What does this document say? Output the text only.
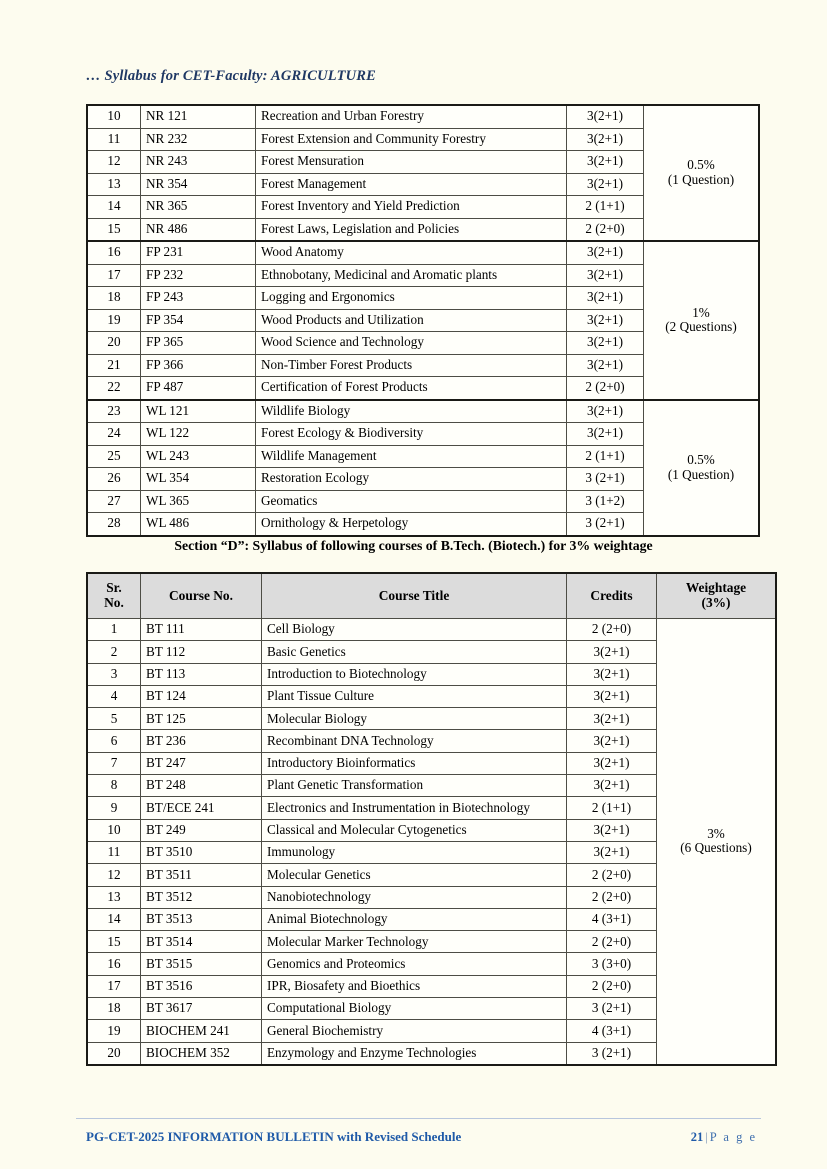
… Syllabus for CET-Faculty: AGRICULTURE
10	NR 121	Recreation and Urban Forestry	3(2+1)	0.5%
(1 Question)

11	NR 232	Forest Extension and Community Forestry	3(2+1)	
12	NR 243	Forest Mensuration	3(2+1)	
13	NR 354	Forest Management	3(2+1)	
14	NR 365	Forest Inventory and Yield Prediction	2 (1+1)	
15	NR 486	Forest Laws, Legislation and Policies	2 (2+0)	
16	FP 231	Wood Anatomy	3(2+1)	1%
(2 Questions)

17	FP 232	Ethnobotany, Medicinal and Aromatic plants	3(2+1)	
18	FP 243	Logging and Ergonomics	3(2+1)	
19	FP 354	Wood Products and Utilization	3(2+1)	
20	FP 365	Wood Science and Technology	3(2+1)	
21	FP 366	Non-Timber Forest Products	3(2+1)	
22	FP 487	Certification of Forest Products	2 (2+0)	
23	WL 121	Wildlife Biology	3(2+1)	0.5%
(1 Question)

24	WL 122	Forest Ecology & Biodiversity	3(2+1)	
25	WL 243	Wildlife Management	2 (1+1)	
26	WL 354	Restoration Ecology	3 (2+1)	
27	WL 365	Geomatics	3 (1+2)	
28	WL 486	Ornithology & Herpetology	3 (2+1)	
Section “D”: Syllabus of following courses of B.Tech. (Biotech.) for 3% weightage
Sr.
No.	Course No.	Course Title	Credits	Weightage
(3%)
1	BT 111	Cell Biology	2 (2+0)	3%
(6 Questions)

2	BT 112	Basic Genetics	3(2+1)	
3	BT 113	Introduction to Biotechnology	3(2+1)	
4	BT 124	Plant Tissue Culture	3(2+1)	
5	BT 125	Molecular Biology	3(2+1)	
6	BT 236	Recombinant DNA Technology	3(2+1)	
7	BT 247	Introductory Bioinformatics	3(2+1)	
8	BT 248	Plant Genetic Transformation	3(2+1)	
9	BT/ECE 241	Electronics and Instrumentation in Biotechnology	2 (1+1)	
10	BT 249	Classical and Molecular Cytogenetics	3(2+1)	
11	BT 3510	Immunology	3(2+1)	
12	BT 3511	Molecular Genetics	2 (2+0)	
13	BT 3512	Nanobiotechnology	2 (2+0)	
14	BT 3513	Animal Biotechnology	4 (3+1)	
15	BT 3514	Molecular Marker Technology	2 (2+0)	
16	BT 3515	Genomics and Proteomics	3 (3+0)	
17	BT 3516	IPR, Biosafety and Bioethics	2 (2+0)	
18	BT 3617	Computational Biology	3 (2+1)	
19	BIOCHEM 241	General Biochemistry	4 (3+1)	
20	BIOCHEM 352	Enzymology and Enzyme Technologies	3 (2+1)	
PG-CET-2025 INFORMATION BULLETIN with Revised Schedule	21 | P a g e
